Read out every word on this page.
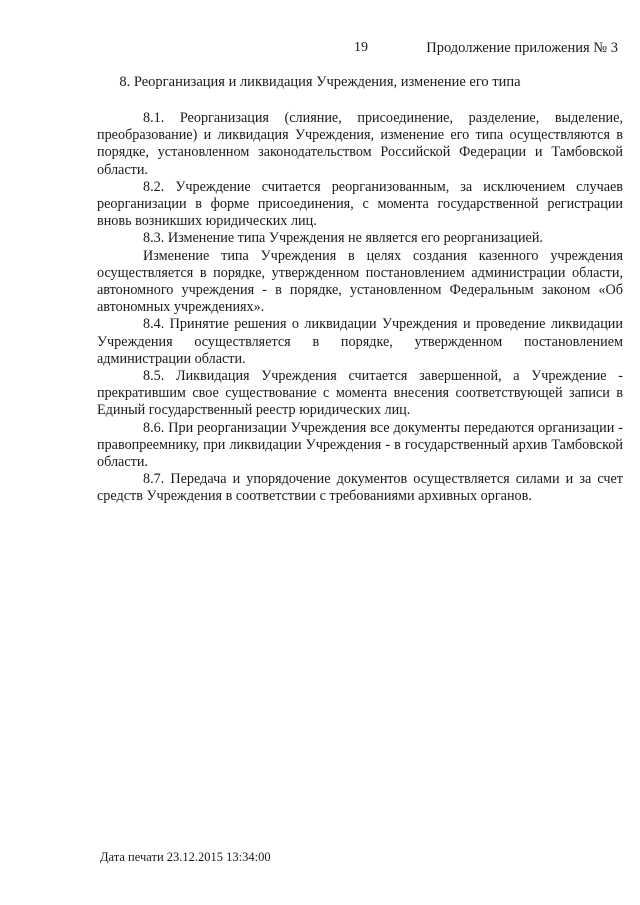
19	Продолжение приложения № 3
8. Реорганизация и ликвидация Учреждения, изменение его типа

8.1. Реорганизация (слияние, присоединение, разделение, выделение, преобразование) и ликвидация Учреждения, изменение его типа осуществляются в порядке, установленном законодательством Российской Федерации и Тамбовской области.

8.2. Учреждение считается реорганизованным, за исключением случаев реорганизации в форме присоединения, с момента государственной регистрации вновь возникших юридических лиц.

8.3. Изменение типа Учреждения не является его реорганизацией.

Изменение типа Учреждения в целях создания казенного учреждения осуществляется в порядке, утвержденном постановлением администрации области, автономного учреждения - в порядке, установленном Федеральным законом «Об автономных учреждениях».

8.4. Принятие решения о ликвидации Учреждения и проведение ликвидации Учреждения осуществляется в порядке, утвержденном постановлением администрации области.

8.5. Ликвидация Учреждения считается завершенной, а Учреждение - прекратившим свое существование с момента внесения соответствующей записи в Единый государственный реестр юридических лиц.

8.6. При реорганизации Учреждения все документы передаются организации - правопреемнику, при ликвидации Учреждения - в государственный архив Тамбовской области.

8.7. Передача и упорядочение документов осуществляется силами и за счет средств Учреждения в соответствии с требованиями архивных органов.

Дата печати 23.12.2015 13:34:00
